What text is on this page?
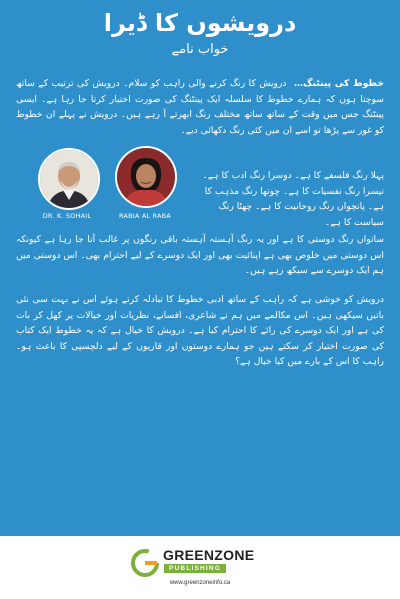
درویشوں کا ڈیرا
خواب نامے

خطوط کی پینٹنگ… درویش کا رنگ کرنے والی راہب کو سلام۔ درویش کی ترتیب کے ساتھ سوچتا ہوں کہ ہمارے خطوط کا سلسلہ ایک پینٹنگ کی صورت اختیار کرتا جا رہا ہے۔ ایسی پینٹنگ جس میں وقت کے ساتھ ساتھ مختلف رنگ ابھرتے آ رہے ہیں۔ درویش نے پہلے ان خطوط کو غور سے پڑھا تو اسے ان میں کئی رنگ دکھائی دیے۔

پہلا رنگ فلسفے کا ہے۔ دوسرا رنگ ادب کا ہے۔ تیسرا رنگ نفسیات کا ہے۔ چوتھا رنگ مذہب کا ہے۔ پانچواں رنگ روحانیت کا ہے۔ چھٹا رنگ سیاست کا ہے۔

DR. K. SOHAIL	RABIA AL RABA

ساتواں رنگ دوستی کا ہے اور یہ رنگ آہستہ آہستہ باقی رنگوں پر غالب آتا جا رہا ہے کیونکہ اس دوستی میں خلوص بھی ہے اپنائیت بھی اور ایک دوسرے کے لیے احترام بھی۔ اس دوستی میں ہم ایک دوسرے سے سیکھ رہے ہیں۔

درویش کو خوشی ہے کہ راہب کے ساتھ ادبی خطوط کا تبادلہ کرتے ہوئے اس نے بہت سی نئی باتیں سیکھی ہیں۔ اس مکالمے میں ہم نے شاعری، افسانے، نظریات اور خیالات پر کھل کر بات کی ہے اور ایک دوسرے کی رائے کا احترام کیا ہے۔ درویش کا خیال ہے کہ یہ خطوط ایک کتاب کی صورت اختیار کر سکتے ہیں جو ہمارے دوستوں اور قاریوں کے لیے دلچسپی کا باعث ہو۔ راہب کا اس کے بارے میں کیا خیال ہے؟

GREENZONE
PUBLISHING
www.greenzoneinfo.ca
